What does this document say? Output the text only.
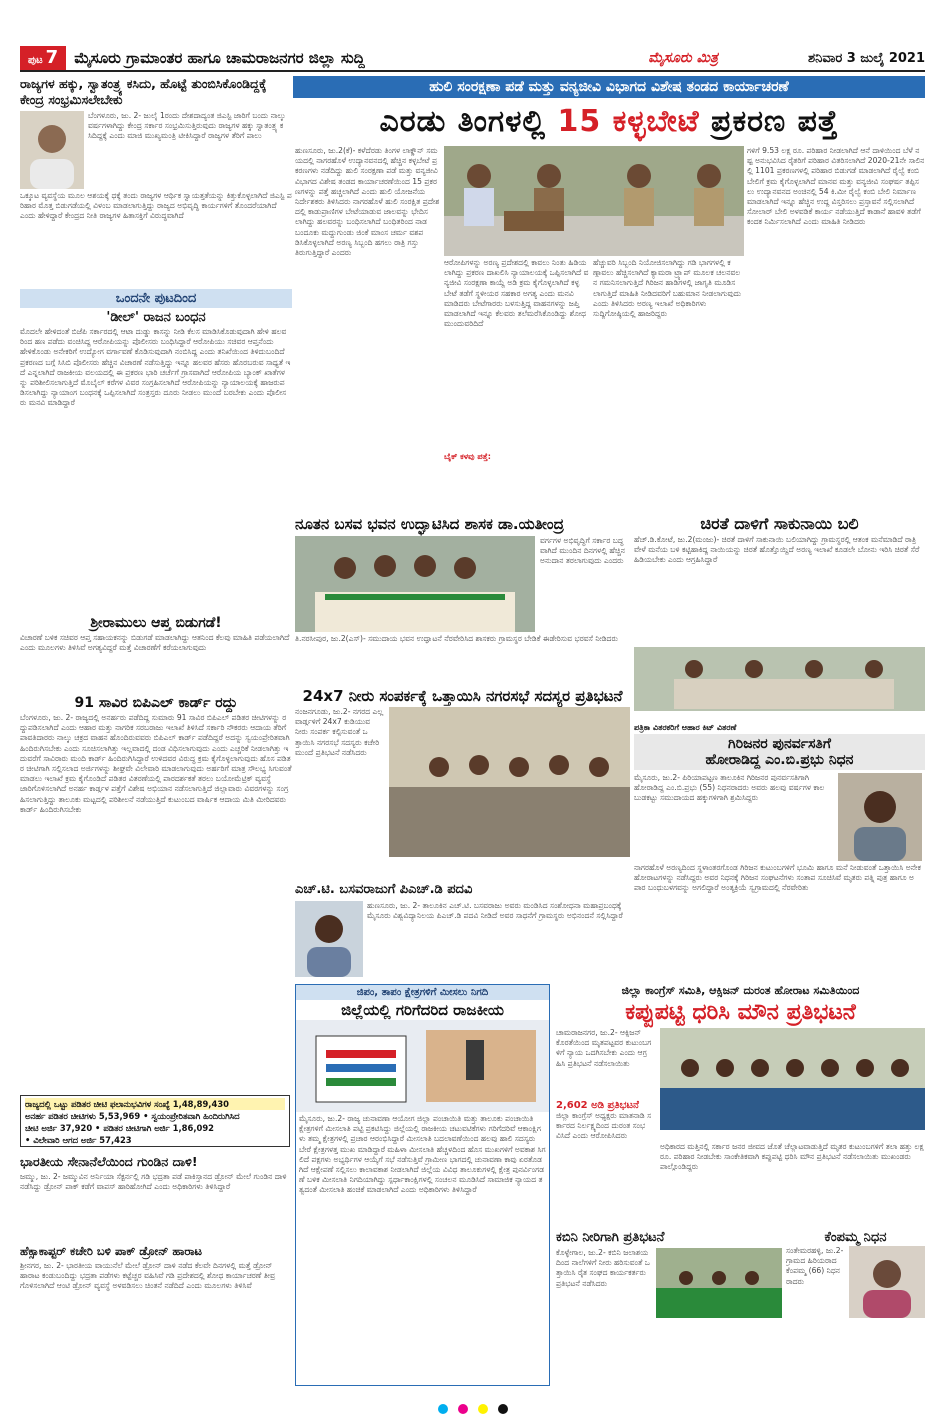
ಪುಟ 7	ಮೈಸೂರು ಗ್ರಾಮಾಂತರ ಹಾಗೂ ಚಾಮರಾಜನಗರ ಜಿಲ್ಲಾ ಸುದ್ದಿ	ಮೈಸೂರು ಮಿತ್ರ	ಶನಿವಾರ 3 ಜುಲೈ 2021
ರಾಜ್ಯಗಳ ಹಕ್ಕು, ಸ್ವಾತಂತ್ರ್ಯ ಕಸಿದು, ಹೊಟ್ಟೆ ತುಂಬಿಸಿಕೊಂಡಿದ್ದಕ್ಕೆ ಕೇಂದ್ರ ಸಂಭ್ರಮಿಸಲೇಬೇಕು
ಬೆಂಗಳೂರು, ಜು. 2- ಜುಲೈ 1ರಂದು ದೇಶದಾದ್ಯಂತ ಜಿಎಸ್ಟಿ ಜಾರಿಗೆ ಬಂದು ನಾಲ್ಕು ವರ್ಷಗಳಾಗಿದ್ದು ಕೇಂದ್ರ ಸರ್ಕಾರ ಸಂಭ್ರಮಿಸುತ್ತಿರುವುದು ರಾಜ್ಯಗಳ ಹಕ್ಕು ಸ್ವಾತಂತ್ರ್ಯ ಕಸಿದಿದ್ದಕ್ಕೆ ಎಂದು ಮಾಜಿ ಮುಖ್ಯಮಂತ್ರಿ ಟೀಕಿಸಿದ್ದಾರೆ ರಾಜ್ಯಗಳ ತೆರಿಗೆ ಪಾಲು
ಒಕ್ಕೂಟ ವ್ಯವಸ್ಥೆಯ ಮೂಲ ಆಶಯಕ್ಕೆ ಧಕ್ಕೆ ತಂದು ರಾಜ್ಯಗಳ ಆರ್ಥಿಕ ಸ್ವಾಯತ್ತತೆಯನ್ನು ಕಿತ್ತುಕೊಳ್ಳಲಾಗಿದೆ ಜಿಎಸ್ಟಿ ಪರಿಹಾರ ಮೊತ್ತ ಬಿಡುಗಡೆಯಲ್ಲಿ ವಿಳಂಬ ಮಾಡಲಾಗುತ್ತಿದ್ದು ರಾಜ್ಯದ ಅಭಿವೃದ್ಧಿ ಕಾರ್ಯಗಳಿಗೆ ತೊಂದರೆಯಾಗಿದೆ ಎಂದು ಹೇಳಿದ್ದಾರೆ ಕೇಂದ್ರದ ನೀತಿ ರಾಜ್ಯಗಳ ಹಿತಾಸಕ್ತಿಗೆ ವಿರುದ್ಧವಾಗಿದೆ
ಒಂದನೇ ಪುಟದಿಂದ
'ಡೀಲ್' ರಾಜನ ಬಂಧನ
ಮೊದಲೇ ಹೇಳಿದಂತೆ ಬಿಜೆಪಿ ಸರ್ಕಾರದಲ್ಲಿ ಆಟಾ ದುಡ್ಡು ಕಾಸನ್ನು ನೀಡಿ ಕೆಲಸ ಮಾಡಿಸಿಕೊಡುವುದಾಗಿ ಹೇಳಿ ಹಲವರಿಂದ ಹಣ ಪಡೆದು ವಂಚಿಸಿದ್ದ ಆರೋಪಿಯನ್ನು ಪೊಲೀಸರು ಬಂಧಿಸಿದ್ದಾರೆ ಆರೋಪಿಯು ಸಚಿವರ ಆಪ್ತನೆಂದು ಹೇಳಿಕೊಂಡು ಅನೇಕರಿಗೆ ಉದ್ಯೋಗ ವರ್ಗಾವಣೆ ಕೊಡಿಸುವುದಾಗಿ ನಂಬಿಸಿದ್ದ ಎಂದು ತನಿಖೆಯಿಂದ ತಿಳಿದುಬಂದಿದೆ ಪ್ರಕರಣದ ಬಗ್ಗೆ ಸಿಸಿಬಿ ಪೊಲೀಸರು ಹೆಚ್ಚಿನ ವಿಚಾರಣೆ ನಡೆಸುತ್ತಿದ್ದು ಇನ್ನೂ ಹಲವರ ಹೆಸರು ಹೊರಬರುವ ಸಾಧ್ಯತೆ ಇದೆ ಎನ್ನಲಾಗಿದೆ ರಾಜಕೀಯ ವಲಯದಲ್ಲಿ ಈ ಪ್ರಕರಣ ಭಾರಿ ಚರ್ಚೆಗೆ ಗ್ರಾಸವಾಗಿದೆ ಆರೋಪಿಯ ಬ್ಯಾಂಕ್ ಖಾತೆಗಳನ್ನು ಪರಿಶೀಲಿಸಲಾಗುತ್ತಿದೆ ಮೊಬೈಲ್ ಕರೆಗಳ ವಿವರ ಸಂಗ್ರಹಿಸಲಾಗಿದೆ ಆರೋಪಿಯನ್ನು ನ್ಯಾಯಾಲಯಕ್ಕೆ ಹಾಜರುಪಡಿಸಲಾಗಿದ್ದು ನ್ಯಾಯಾಂಗ ಬಂಧನಕ್ಕೆ ಒಪ್ಪಿಸಲಾಗಿದೆ ಸಂತ್ರಸ್ತರು ದೂರು ನೀಡಲು ಮುಂದೆ ಬರಬೇಕು ಎಂದು ಪೊಲೀಸರು ಮನವಿ ಮಾಡಿದ್ದಾರೆ
ಶ್ರೀರಾಮುಲು ಆಪ್ತ ಬಿಡುಗಡೆ!
ವಿಚಾರಣೆ ಬಳಿಕ ಸಚಿವರ ಆಪ್ತ ಸಹಾಯಕನನ್ನು ಬಿಡುಗಡೆ ಮಾಡಲಾಗಿದ್ದು ಆತನಿಂದ ಕೆಲವು ಮಾಹಿತಿ ಪಡೆಯಲಾಗಿದೆ ಎಂದು ಮೂಲಗಳು ತಿಳಿಸಿವೆ ಅಗತ್ಯವಿದ್ದರೆ ಮತ್ತೆ ವಿಚಾರಣೆಗೆ ಕರೆಯಲಾಗುವುದು
91 ಸಾವಿರ ಬಿಪಿಎಲ್ ಕಾರ್ಡ್ ರದ್ದು
ಬೆಂಗಳೂರು, ಜು. 2- ರಾಜ್ಯದಲ್ಲಿ ಅನರ್ಹರು ಪಡೆದಿದ್ದ ಸುಮಾರು 91 ಸಾವಿರ ಬಿಪಿಎಲ್ ಪಡಿತರ ಚೀಟಿಗಳನ್ನು ರದ್ದುಪಡಿಸಲಾಗಿದೆ ಎಂದು ಆಹಾರ ಮತ್ತು ನಾಗರಿಕ ಸರಬರಾಜು ಇಲಾಖೆ ತಿಳಿಸಿದೆ ಸರ್ಕಾರಿ ನೌಕರರು ಆದಾಯ ತೆರಿಗೆ ಪಾವತಿದಾರರು ನಾಲ್ಕು ಚಕ್ರದ ವಾಹನ ಹೊಂದಿರುವವರು ಬಿಪಿಎಲ್ ಕಾರ್ಡ್ ಪಡೆದಿದ್ದರೆ ಅದನ್ನು ಸ್ವಯಂಪ್ರೇರಿತವಾಗಿ ಹಿಂದಿರುಗಿಸಬೇಕು ಎಂದು ಸೂಚಿಸಲಾಗಿತ್ತು ಇಲ್ಲವಾದಲ್ಲಿ ದಂಡ ವಿಧಿಸಲಾಗುವುದು ಎಂದು ಎಚ್ಚರಿಕೆ ನೀಡಲಾಗಿತ್ತು ಇದುವರೆಗೆ ಸಾವಿರಾರು ಮಂದಿ ಕಾರ್ಡ್ ಹಿಂದಿರುಗಿಸಿದ್ದಾರೆ ಉಳಿದವರ ವಿರುದ್ಧ ಕ್ರಮ ಕೈಗೊಳ್ಳಲಾಗುವುದು ಹೊಸ ಪಡಿತರ ಚೀಟಿಗಾಗಿ ಸಲ್ಲಿಸಲಾದ ಅರ್ಜಿಗಳನ್ನು ಶೀಘ್ರವೇ ವಿಲೇವಾರಿ ಮಾಡಲಾಗುವುದು ಅರ್ಹರಿಗೆ ಮಾತ್ರ ಸೌಲಭ್ಯ ಸಿಗುವಂತೆ ಮಾಡಲು ಇಲಾಖೆ ಕ್ರಮ ಕೈಗೊಂಡಿದೆ ಪಡಿತರ ವಿತರಣೆಯಲ್ಲಿ ಪಾರದರ್ಶಕತೆ ತರಲು ಬಯೋಮೆಟ್ರಿಕ್ ವ್ಯವಸ್ಥೆ ಜಾರಿಗೊಳಿಸಲಾಗಿದೆ ಅನರ್ಹ ಕಾರ್ಡ್ಗಳ ಪತ್ತೆಗೆ ವಿಶೇಷ ಅಭಿಯಾನ ನಡೆಸಲಾಗುತ್ತಿದೆ ಜಿಲ್ಲಾವಾರು ವಿವರಗಳನ್ನು ಸಂಗ್ರಹಿಸಲಾಗುತ್ತಿದ್ದು ತಾಲೂಕು ಮಟ್ಟದಲ್ಲಿ ಪರಿಶೀಲನೆ ನಡೆಯುತ್ತಿದೆ ಕುಟುಂಬದ ವಾರ್ಷಿಕ ಆದಾಯ ಮಿತಿ ಮೀರಿದವರು ಕಾರ್ಡ್ ಹಿಂದಿರುಗಿಸಬೇಕು
ರಾಜ್ಯದಲ್ಲಿ ಒಟ್ಟು ಪಡಿತರ ಚೀಟಿ ಫಲಾನುಭವಿಗಳ ಸಂಖ್ಯೆ 1,48,89,430
ಅನರ್ಹ ಪಡಿತರ ಚೀಟಿಗಳು 5,53,969 • ಸ್ವಯಂಪ್ರೇರಿತವಾಗಿ ಹಿಂದಿರುಗಿಸಿದ
ಚೀಟಿ ಅರ್ಜಿ 37,920 • ಪಡಿತರ ಚೀಟಿಗಾಗಿ ಅರ್ಜಿ 1,86,092
• ವಿಲೇವಾರಿ ಆಗದ ಅರ್ಜಿ 57,423
ಭಾರತೀಯ ಸೇನಾನೆಲೆಯಿಂದ ಗುಂಡಿನ ದಾಳಿ!
ಜಮ್ಮು, ಜು. 2- ಜಮ್ಮುವಿನ ಅರ್ನಿಯಾ ಸೆಕ್ಟರ್ನಲ್ಲಿ ಗಡಿ ಭದ್ರತಾ ಪಡೆ ಪಾಕಿಸ್ತಾನದ ಡ್ರೋನ್ ಮೇಲೆ ಗುಂಡಿನ ದಾಳಿ ನಡೆಸಿದ್ದು ಡ್ರೋನ್ ಪಾಕ್ ಕಡೆಗೆ ವಾಪಸ್ ಹಾರಿಹೋಗಿದೆ ಎಂದು ಅಧಿಕಾರಿಗಳು ತಿಳಿಸಿದ್ದಾರೆ
ಹೆಕ್ಸಾಕಾಪ್ಟರ್ ಕಚೇರಿ ಬಳಿ ಪಾಕ್ ಡ್ರೋನ್ ಹಾರಾಟ
ಶ್ರೀನಗರ, ಜು. 2- ಭಾರತೀಯ ವಾಯುನೆಲೆ ಮೇಲೆ ಡ್ರೋನ್ ದಾಳಿ ನಡೆದ ಕೆಲವೇ ದಿನಗಳಲ್ಲಿ ಮತ್ತೆ ಡ್ರೋನ್ ಹಾರಾಟ ಕಂಡುಬಂದಿದ್ದು ಭದ್ರತಾ ಪಡೆಗಳು ಕಟ್ಟೆಚ್ಚರ ವಹಿಸಿವೆ ಗಡಿ ಪ್ರದೇಶದಲ್ಲಿ ಶೋಧ ಕಾರ್ಯಾಚರಣೆ ತೀವ್ರಗೊಳಿಸಲಾಗಿದೆ ಆಂಟಿ ಡ್ರೋನ್ ವ್ಯವಸ್ಥೆ ಅಳವಡಿಸಲು ಚಿಂತನೆ ನಡೆದಿದೆ ಎಂದು ಮೂಲಗಳು ತಿಳಿಸಿವೆ
ಹುಲಿ ಸಂರಕ್ಷಣಾ ಪಡೆ ಮತ್ತು ವನ್ಯಜೀವಿ ವಿಭಾಗದ ವಿಶೇಷ ತಂಡದ ಕಾರ್ಯಾಚರಣೆ
ಎರಡು ತಿಂಗಳಲ್ಲಿ 15 ಕಳ್ಳಬೇಟೆ ಪ್ರಕರಣ ಪತ್ತೆ
ಹುಣಸೂರು, ಜು.2(ಕೆ)- ಕಳೆದೆರಡು ತಿಂಗಳ ಲಾಕ್ಡೌನ್ ಸಮಯದಲ್ಲಿ ನಾಗರಹೊಳೆ ಉದ್ಯಾನವನದಲ್ಲಿ ಹೆಚ್ಚಿನ ಕಳ್ಳಬೇಟೆ ಪ್ರಕರಣಗಳು ನಡೆದಿದ್ದು ಹುಲಿ ಸಂರಕ್ಷಣಾ ಪಡೆ ಮತ್ತು ವನ್ಯಜೀವಿ ವಿಭಾಗದ ವಿಶೇಷ ತಂಡದ ಕಾರ್ಯಾಚರಣೆಯಿಂದ 15 ಪ್ರಕರಣಗಳನ್ನು ಪತ್ತೆ ಹಚ್ಚಲಾಗಿದೆ ಎಂದು ಹುಲಿ ಯೋಜನೆಯ ನಿರ್ದೇಶಕರು ತಿಳಿಸಿದರು ನಾಗರಹೊಳೆ ಹುಲಿ ಸಂರಕ್ಷಿತ ಪ್ರದೇಶದಲ್ಲಿ ಕಾಡುಪ್ರಾಣಿಗಳ ಬೇಟೆಯಾಡುವ ಜಾಲವನ್ನು ಭೇದಿಸಲಾಗಿದ್ದು ಹಲವರನ್ನು ಬಂಧಿಸಲಾಗಿದೆ ಬಂಧಿತರಿಂದ ನಾಡ ಬಂದೂಕು ಮದ್ದುಗುಂಡು ಜಿಂಕೆ ಮಾಂಸ ಚರ್ಮ ವಶಪಡಿಸಿಕೊಳ್ಳಲಾಗಿದೆ ಅರಣ್ಯ ಸಿಬ್ಬಂದಿ ಹಗಲು ರಾತ್ರಿ ಗಸ್ತು ತಿರುಗುತ್ತಿದ್ದಾರೆ ಎಂದರು
ಆರೋಪಿಗಳನ್ನು ಅರಣ್ಯ ಪ್ರದೇಶದಲ್ಲಿ ಕಾವಲು ನಿಂತು ಹಿಡಿಯಲಾಗಿದ್ದು ಪ್ರಕರಣ ದಾಖಲಿಸಿ ನ್ಯಾಯಾಲಯಕ್ಕೆ ಒಪ್ಪಿಸಲಾಗಿದೆ ವನ್ಯಜೀವಿ ಸಂರಕ್ಷಣಾ ಕಾಯ್ದೆ ಅಡಿ ಕ್ರಮ ಕೈಗೊಳ್ಳಲಾಗಿದೆ ಕಳ್ಳಬೇಟೆ ತಡೆಗೆ ಸ್ಥಳೀಯರ ಸಹಕಾರ ಅಗತ್ಯ ಎಂದು ಮನವಿ ಮಾಡಿದರು ಬೇಟೆಗಾರರು ಬಳಸುತ್ತಿದ್ದ ವಾಹನಗಳನ್ನು ಜಪ್ತಿ ಮಾಡಲಾಗಿದೆ ಇನ್ನೂ ಕೆಲವರು ತಲೆಮರೆಸಿಕೊಂಡಿದ್ದು ಶೋಧ ಮುಂದುವರಿದಿದೆ
ಹೆಚ್ಚುವರಿ ಸಿಬ್ಬಂದಿ ನಿಯೋಜಿಸಲಾಗಿದ್ದು ಗಡಿ ಭಾಗಗಳಲ್ಲಿ ಕಣ್ಗಾವಲು ಹೆಚ್ಚಿಸಲಾಗಿದೆ ಕ್ಯಾಮರಾ ಟ್ರ್ಯಾಪ್ ಮೂಲಕ ಚಲನವಲನ ಗಮನಿಸಲಾಗುತ್ತಿದೆ ಗಿರಿಜನ ಹಾಡಿಗಳಲ್ಲಿ ಜಾಗೃತಿ ಮೂಡಿಸಲಾಗುತ್ತಿದೆ ಮಾಹಿತಿ ನೀಡಿದವರಿಗೆ ಬಹುಮಾನ ನೀಡಲಾಗುವುದು ಎಂದು ತಿಳಿಸಿದರು ಅರಣ್ಯ ಇಲಾಖೆ ಅಧಿಕಾರಿಗಳು ಸುದ್ದಿಗೋಷ್ಠಿಯಲ್ಲಿ ಹಾಜರಿದ್ದರು
ಗಳಿಗೆ 9.53 ಲಕ್ಷ ರೂ. ಪರಿಹಾರ ನೀಡಲಾಗಿದೆ ಆನೆ ದಾಳಿಯಿಂದ ಬೆಳೆ ನಷ್ಟ ಅನುಭವಿಸಿದ ರೈತರಿಗೆ ಪರಿಹಾರ ವಿತರಿಸಲಾಗಿದೆ 2020-21ನೇ ಸಾಲಿನಲ್ಲಿ 1101 ಪ್ರಕರಣಗಳಲ್ಲಿ ಪರಿಹಾರ ಬಿಡುಗಡೆ ಮಾಡಲಾಗಿದೆ ರೈಲ್ವೆ ಕಂಬಿ ಬೇಲಿಗೆ ಕ್ರಮ ಕೈಗೊಳ್ಳಲಾಗಿದೆ ಮಾನವ ಮತ್ತು ವನ್ಯಜೀವಿ ಸಂಘರ್ಷ ತಪ್ಪಿಸಲು ಉದ್ಯಾನವನದ ಅಂಚಿನಲ್ಲಿ 54 ಕಿ.ಮೀ ರೈಲ್ವೆ ಕಂಬಿ ಬೇಲಿ ನಿರ್ಮಾಣ ಮಾಡಲಾಗಿದೆ ಇನ್ನೂ ಹೆಚ್ಚಿನ ಉದ್ದ ವಿಸ್ತರಿಸಲು ಪ್ರಸ್ತಾವನೆ ಸಲ್ಲಿಸಲಾಗಿದೆ ಸೋಲಾರ್ ಬೇಲಿ ಅಳವಡಿಕೆ ಕಾರ್ಯ ನಡೆಯುತ್ತಿದೆ ಕಾಡಾನೆ ಹಾವಳಿ ತಡೆಗೆ ಕಂದಕ ನಿರ್ಮಿಸಲಾಗಿದೆ ಎಂದು ಮಾಹಿತಿ ನೀಡಿದರು
ಬೈಕ್ ಕಳವು ಪತ್ತೆ:
ನೂತನ ಬಸವ ಭವನ ಉದ್ಘಾಟಿಸಿದ ಶಾಸಕ ಡಾ.ಯತೀಂದ್ರ
ತಿ.ನರಸೀಪುರ, ಜು.2(ಎಸ್)- ಸಮುದಾಯ ಭವನ ಉದ್ಘಾಟನೆ ನೆರವೇರಿಸಿದ ಶಾಸಕರು ಗ್ರಾಮಸ್ಥರ ಬೇಡಿಕೆ ಈಡೇರಿಸುವ ಭರವಸೆ ನೀಡಿದರು
ವರ್ಗಗಳ ಅಭಿವೃದ್ಧಿಗೆ ಸರ್ಕಾರ ಬದ್ಧವಾಗಿದೆ ಮುಂದಿನ ದಿನಗಳಲ್ಲಿ ಹೆಚ್ಚಿನ ಅನುದಾನ ತರಲಾಗುವುದು ಎಂದರು
ಚಿರತೆ ದಾಳಿಗೆ ಸಾಕುನಾಯಿ ಬಲಿ
ಹೆಚ್.ಡಿ.ಕೋಟೆ, ಜು.2(ಮಂಜು)- ಚಿರತೆ ದಾಳಿಗೆ ಸಾಕುನಾಯಿ ಬಲಿಯಾಗಿದ್ದು ಗ್ರಾಮಸ್ಥರಲ್ಲಿ ಆತಂಕ ಮನೆಮಾಡಿದೆ ರಾತ್ರಿ ವೇಳೆ ಮನೆಯ ಬಳಿ ಕಟ್ಟಿಹಾಕಿದ್ದ ನಾಯಿಯನ್ನು ಚಿರತೆ ಹೊತ್ತೊಯ್ದಿದೆ ಅರಣ್ಯ ಇಲಾಖೆ ಕೂಡಲೇ ಬೋನು ಇರಿಸಿ ಚಿರತೆ ಸೆರೆ ಹಿಡಿಯಬೇಕು ಎಂದು ಆಗ್ರಹಿಸಿದ್ದಾರೆ
ಪತ್ರಿಕಾ ವಿತರಕರಿಗೆ ಆಹಾರ ಕಿಟ್ ವಿತರಣೆ
24x7 ನೀರು ಸಂಪರ್ಕಕ್ಕೆ ಒತ್ತಾಯಿಸಿ ನಗರಸಭೆ ಸದಸ್ಯರ ಪ್ರತಿಭಟನೆ
ನಂಜನಗೂಡು, ಜು.2- ನಗರದ ಎಲ್ಲ ವಾರ್ಡ್ಗಳಿಗೆ 24x7 ಕುಡಿಯುವ ನೀರು ಸಂಪರ್ಕ ಕಲ್ಪಿಸುವಂತೆ ಒತ್ತಾಯಿಸಿ ನಗರಸಭೆ ಸದಸ್ಯರು ಕಚೇರಿ ಮುಂದೆ ಪ್ರತಿಭಟನೆ ನಡೆಸಿದರು
ಗಿರಿಜನರ ಪುನರ್ವಸತಿಗೆ
ಹೋರಾಡಿದ್ದ ಎಂ.ಬಿ.ಪ್ರಭು ನಿಧನ
ಮೈಸೂರು, ಜು.2- ಪಿರಿಯಾಪಟ್ಟಣ ತಾಲೂಕಿನ ಗಿರಿಜನರ ಪುನರ್ವಸತಿಗಾಗಿ ಹೋರಾಡಿದ್ದ ಎಂ.ಬಿ.ಪ್ರಭು (55) ನಿಧನರಾದರು ಅವರು ಹಲವು ವರ್ಷಗಳ ಕಾಲ ಬುಡಕಟ್ಟು ಸಮುದಾಯದ ಹಕ್ಕುಗಳಿಗಾಗಿ ಶ್ರಮಿಸಿದ್ದರು
ನಾಗರಹೊಳೆ ಅರಣ್ಯದಿಂದ ಸ್ಥಳಾಂತರಗೊಂಡ ಗಿರಿಜನ ಕುಟುಂಬಗಳಿಗೆ ಭೂಮಿ ಹಾಗೂ ಮನೆ ನೀಡುವಂತೆ ಒತ್ತಾಯಿಸಿ ಅನೇಕ ಹೋರಾಟಗಳನ್ನು ನಡೆಸಿದ್ದರು ಅವರ ನಿಧನಕ್ಕೆ ಗಿರಿಜನ ಸಂಘಟನೆಗಳು ಸಂತಾಪ ಸೂಚಿಸಿವೆ ಮೃತರು ಪತ್ನಿ ಪುತ್ರ ಹಾಗೂ ಅಪಾರ ಬಂಧುಬಳಗವನ್ನು ಅಗಲಿದ್ದಾರೆ ಅಂತ್ಯಕ್ರಿಯೆ ಸ್ವಗ್ರಾಮದಲ್ಲಿ ನೆರವೇರಿತು
ಎಚ್.ಟಿ. ಬಸವರಾಜುಗೆ ಪಿಎಚ್.ಡಿ ಪದವಿ
ಹುಣಸೂರು, ಜು. 2- ತಾಲೂಕಿನ ಎಚ್.ಟಿ. ಬಸವರಾಜು ಅವರು ಮಂಡಿಸಿದ ಸಂಶೋಧನಾ ಮಹಾಪ್ರಬಂಧಕ್ಕೆ ಮೈಸೂರು ವಿಶ್ವವಿದ್ಯಾನಿಲಯ ಪಿಎಚ್.ಡಿ ಪದವಿ ನೀಡಿದೆ ಅವರ ಸಾಧನೆಗೆ ಗ್ರಾಮಸ್ಥರು ಅಭಿನಂದನೆ ಸಲ್ಲಿಸಿದ್ದಾರೆ
ಜಿಪಂ, ತಾಪಂ ಕ್ಷೇತ್ರಗಳಿಗೆ ಮೀಸಲು ನಿಗದಿ
ಜಿಲ್ಲೆಯಲ್ಲಿ ಗರಿಗೆದರಿದ ರಾಜಕೀಯ
ಮೈಸೂರು, ಜು.2- ರಾಜ್ಯ ಚುನಾವಣಾ ಆಯೋಗ ಜಿಲ್ಲಾ ಪಂಚಾಯಿತಿ ಮತ್ತು ತಾಲೂಕು ಪಂಚಾಯಿತಿ ಕ್ಷೇತ್ರಗಳಿಗೆ ಮೀಸಲಾತಿ ಪಟ್ಟಿ ಪ್ರಕಟಿಸಿದ್ದು ಜಿಲ್ಲೆಯಲ್ಲಿ ರಾಜಕೀಯ ಚಟುವಟಿಕೆಗಳು ಗರಿಗೆದರಿವೆ ಆಕಾಂಕ್ಷಿಗಳು ತಮ್ಮ ಕ್ಷೇತ್ರಗಳಲ್ಲಿ ಪ್ರಚಾರ ಆರಂಭಿಸಿದ್ದಾರೆ ಮೀಸಲಾತಿ ಬದಲಾವಣೆಯಿಂದ ಹಲವು ಹಾಲಿ ಸದಸ್ಯರು ಬೇರೆ ಕ್ಷೇತ್ರಗಳತ್ತ ಮುಖ ಮಾಡಿದ್ದಾರೆ ಮಹಿಳಾ ಮೀಸಲಾತಿ ಹೆಚ್ಚಳದಿಂದ ಹೊಸ ಮುಖಗಳಿಗೆ ಅವಕಾಶ ಸಿಗಲಿದೆ ಪಕ್ಷಗಳು ಅಭ್ಯರ್ಥಿಗಳ ಆಯ್ಕೆಗೆ ಸಭೆ ನಡೆಸುತ್ತಿವೆ ಗ್ರಾಮೀಣ ಭಾಗದಲ್ಲಿ ಚುನಾವಣಾ ಕಾವು ಏರತೊಡಗಿದೆ ಆಕ್ಷೇಪಣೆ ಸಲ್ಲಿಸಲು ಕಾಲಾವಕಾಶ ನೀಡಲಾಗಿದೆ ಜಿಲ್ಲೆಯ ವಿವಿಧ ತಾಲೂಕುಗಳಲ್ಲಿ ಕ್ಷೇತ್ರ ಪುನರ್ವಿಂಗಡಣೆ ಬಳಿಕ ಮೀಸಲಾತಿ ನಿಗದಿಯಾಗಿದ್ದು ಸ್ಪರ್ಧಾಕಾಂಕ್ಷಿಗಳಲ್ಲಿ ಸಂಚಲನ ಮೂಡಿಸಿದೆ ಸಾಮಾಜಿಕ ನ್ಯಾಯದ ತತ್ವದಂತೆ ಮೀಸಲಾತಿ ಹಂಚಿಕೆ ಮಾಡಲಾಗಿದೆ ಎಂದು ಅಧಿಕಾರಿಗಳು ತಿಳಿಸಿದ್ದಾರೆ
ಜಿಲ್ಲಾ ಕಾಂಗ್ರೆಸ್ ಸಮಿತಿ, ಆಕ್ಸಿಜನ್ ದುರಂತ ಹೋರಾಟ ಸಮಿತಿಯಿಂದ
ಕಪ್ಪುಪಟ್ಟಿ ಧರಿಸಿ ಮೌನ ಪ್ರತಿಭಟನೆ
ಚಾಮರಾಜನಗರ, ಜು.2- ಆಕ್ಸಿಜನ್ ಕೊರತೆಯಿಂದ ಮೃತಪಟ್ಟವರ ಕುಟುಂಬಗಳಿಗೆ ನ್ಯಾಯ ಒದಗಿಸಬೇಕು ಎಂದು ಆಗ್ರಹಿಸಿ ಪ್ರತಿಭಟನೆ ನಡೆಸಲಾಯಿತು
2,602 ಅಡಿ ಪ್ರತಿಭಟನೆ
ಜಿಲ್ಲಾ ಕಾಂಗ್ರೆಸ್ ಅಧ್ಯಕ್ಷರು ಮಾತನಾಡಿ ಸರ್ಕಾರದ ನಿರ್ಲಕ್ಷ್ಯದಿಂದ ದುರಂತ ಸಂಭವಿಸಿದೆ ಎಂದು ಆರೋಪಿಸಿದರು
ಅಧಿಕಾರದ ಮತ್ತಿನಲ್ಲಿ ಸರ್ಕಾರ ಜನರ ಜೀವದ ಜೊತೆ ಚೆಲ್ಲಾಟವಾಡುತ್ತಿದೆ ಮೃತರ ಕುಟುಂಬಗಳಿಗೆ ತಲಾ ಹತ್ತು ಲಕ್ಷ ರೂ. ಪರಿಹಾರ ನೀಡಬೇಕು ಸಾಂಕೇತಿಕವಾಗಿ ಕಪ್ಪುಪಟ್ಟಿ ಧರಿಸಿ ಮೌನ ಪ್ರತಿಭಟನೆ ನಡೆಸಲಾಯಿತು ಮುಖಂಡರು ಪಾಲ್ಗೊಂಡಿದ್ದರು
ಕಬಿನಿ ನೀರಿಗಾಗಿ ಪ್ರತಿಭಟನೆ
ಕೊಳ್ಳೇಗಾಲ, ಜು.2- ಕಬಿನಿ ಜಲಾಶಯದಿಂದ ನಾಲೆಗಳಿಗೆ ನೀರು ಹರಿಸುವಂತೆ ಒತ್ತಾಯಿಸಿ ರೈತ ಸಂಘದ ಕಾರ್ಯಕರ್ತರು ಪ್ರತಿಭಟನೆ ನಡೆಸಿದರು
ಕೆಂಪಮ್ಮ ನಿಧನ
ಸಂತೇಮರಹಳ್ಳಿ, ಜು.2- ಗ್ರಾಮದ ಹಿರಿಯರಾದ ಕೆಂಪಮ್ಮ (66) ನಿಧನರಾದರು
